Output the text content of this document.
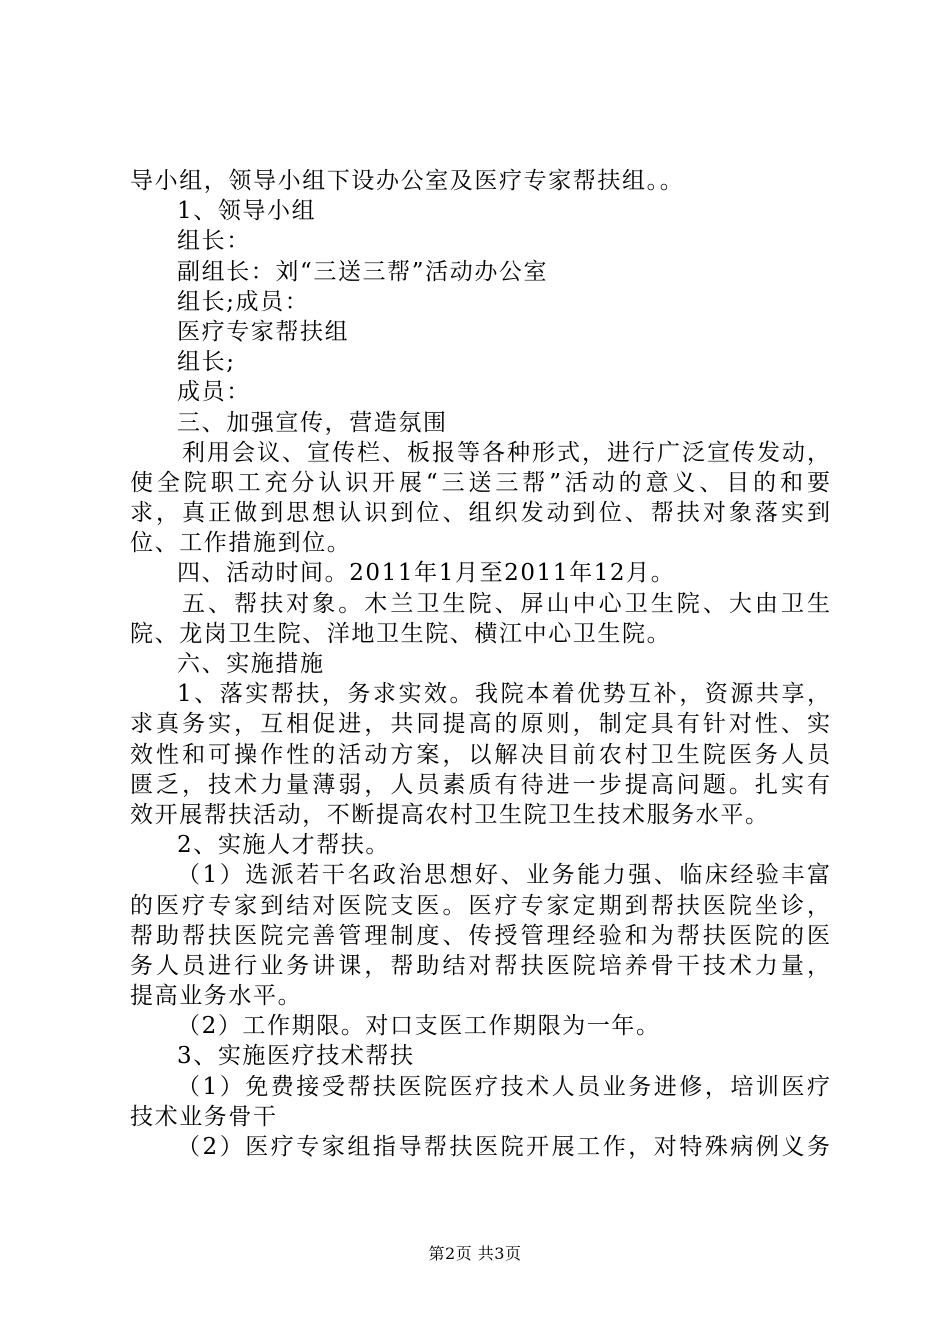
导小组，领导小组下设办公室及医疗专家帮扶组。。
1、领导小组
组长：
副组长：刘“三送三帮”活动办公室
组长;成员：
医疗专家帮扶组
组长;
成员：
三、加强宣传，营造氛围
利用会议、宣传栏、板报等各种形式，进行广泛宣传发动，
使全院职工充分认识开展“三送三帮”活动的意义、目的和要
求，真正做到思想认识到位、组织发动到位、帮扶对象落实到
位、工作措施到位。
四、活动时间。2011年1月至2011年12月。
五、帮扶对象。木兰卫生院、屏山中心卫生院、大由卫生
院、龙岗卫生院、洋地卫生院、横江中心卫生院。
六、实施措施
1、落实帮扶，务求实效。我院本着优势互补，资源共享，
求真务实，互相促进，共同提高的原则，制定具有针对性、实
效性和可操作性的活动方案，以解决目前农村卫生院医务人员
匮乏，技术力量薄弱，人员素质有待进一步提高问题。扎实有
效开展帮扶活动，不断提高农村卫生院卫生技术服务水平。
2、实施人才帮扶。
（1）选派若干名政治思想好、业务能力强、临床经验丰富
的医疗专家到结对医院支医。医疗专家定期到帮扶医院坐诊，
帮助帮扶医院完善管理制度、传授管理经验和为帮扶医院的医
务人员进行业务讲课，帮助结对帮扶医院培养骨干技术力量，
提高业务水平。
（2）工作期限。对口支医工作期限为一年。
3、实施医疗技术帮扶
（1）免费接受帮扶医院医疗技术人员业务进修，培训医疗
技术业务骨干
（2）医疗专家组指导帮扶医院开展工作，对特殊病例义务
第2页 共3页
